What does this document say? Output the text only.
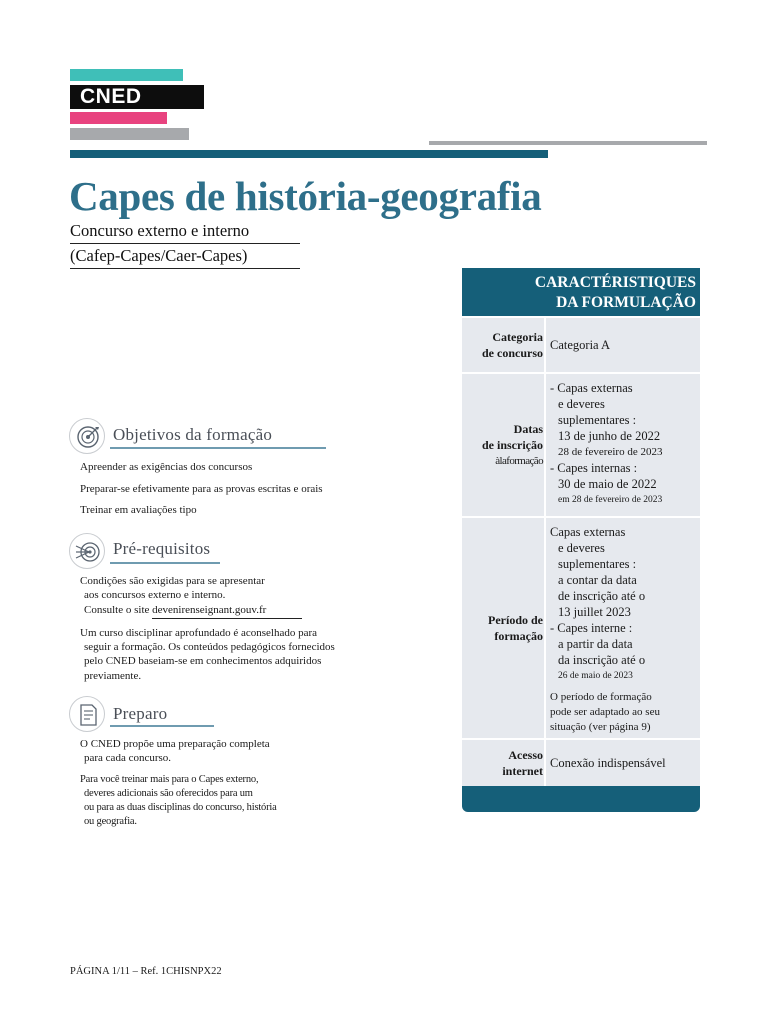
CNED
Capes de história-geografia
Concurso externo e interno
(Cafep-Capes/Caer-Capes)
Objetivos da formação
Apreender as exigências dos concursos
Preparar-se efetivamente para as provas escritas e orais
Treinar em avaliações tipo
Pré-requisitos
Condições são exigidas para se apresentar
aos concursos externo e interno.
Consulte o site devenirenseignant.gouv.fr
Um curso disciplinar aprofundado é aconselhado para
seguir a formação. Os conteúdos pedagógicos fornecidos
pelo CNED baseiam-se em conhecimentos adquiridos
previamente.
Preparo
O CNED propõe uma preparação completa
para cada concurso.
Para você treinar mais para o Capes externo,
deveres adicionais são oferecidos para um
ou para as duas disciplinas do concurso, história
ou geografia.
CARACTÉRISTIQUES
DA FORMULAÇÃO
Categoria
de concurso
Categoria A
Datas
de inscrição
àlaformação
- Capas externas
e deveres
suplementares :
13 de junho de 2022
28 de fevereiro de 2023
- Capes internas :
30 de maio de 2022
em 28 de fevereiro de 2023
Período de
formação
Capas externas
e deveres
suplementares :
a contar da data
de inscrição até o
13 juillet 2023
- Capes interne :
a partir da data
da inscrição até o
26 de maio de 2023
O período de formação
pode ser adaptado ao seu
situação (ver página 9)
Acesso
internet
Conexão indispensável
PÁGINA 1/11 – Ref. 1CHISNPX22
